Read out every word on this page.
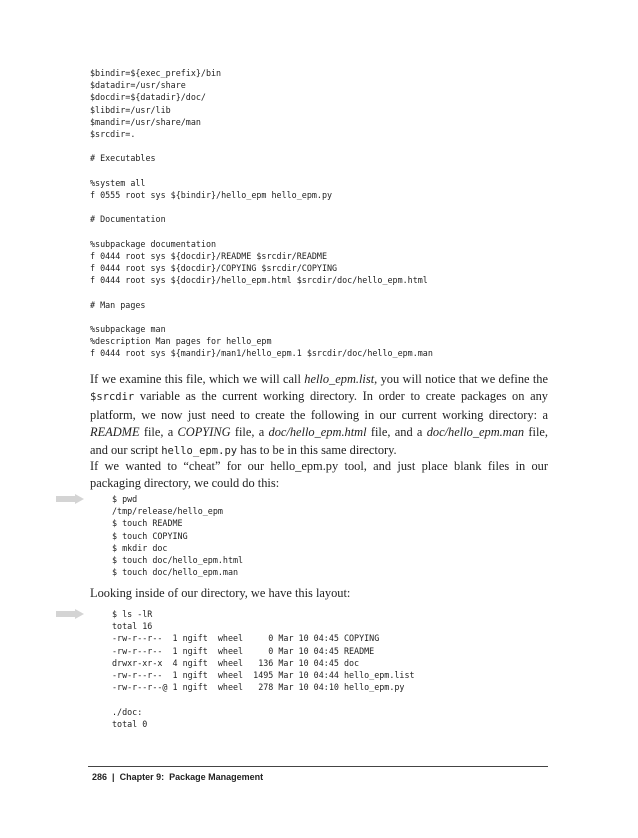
$bindir=${exec_prefix}/bin
$datadir=/usr/share
$docdir=${datadir}/doc/
$libdir=/usr/lib
$mandir=/usr/share/man
$srcdir=.
# Executables
%system all
f 0555 root sys ${bindir}/hello_epm hello_epm.py
# Documentation
%subpackage documentation
f 0444 root sys ${docdir}/README $srcdir/README
f 0444 root sys ${docdir}/COPYING $srcdir/COPYING
f 0444 root sys ${docdir}/hello_epm.html $srcdir/doc/hello_epm.html
# Man pages
%subpackage man
%description Man pages for hello_epm
f 0444 root sys ${mandir}/man1/hello_epm.1 $srcdir/doc/hello_epm.man

If we examine this file, which we will call hello_epm.list, you will notice that we define the $srcdir variable as the current working directory. In order to create packages on any platform, we now just need to create the following in our current working directory: a README file, a COPYING file, a doc/hello_epm.html file, and a doc/hello_epm.man file, and our script hello_epm.py has to be in this same directory.

If we wanted to “cheat” for our hello_epm.py tool, and just place blank files in our packaging directory, we could do this:

$ pwd
/tmp/release/hello_epm
$ touch README
$ touch COPYING
$ mkdir doc
$ touch doc/hello_epm.html
$ touch doc/hello_epm.man

Looking inside of our directory, we have this layout:

$ ls -lR
total 16
-rw-r--r--  1 ngift  wheel     0 Mar 10 04:45 COPYING
-rw-r--r--  1 ngift  wheel     0 Mar 10 04:45 README
drwxr-xr-x  4 ngift  wheel   136 Mar 10 04:45 doc
-rw-r--r--  1 ngift  wheel  1495 Mar 10 04:44 hello_epm.list
-rw-r--r--@ 1 ngift  wheel   278 Mar 10 04:10 hello_epm.py
./doc:
total 0
286 | Chapter 9:  Package Management
